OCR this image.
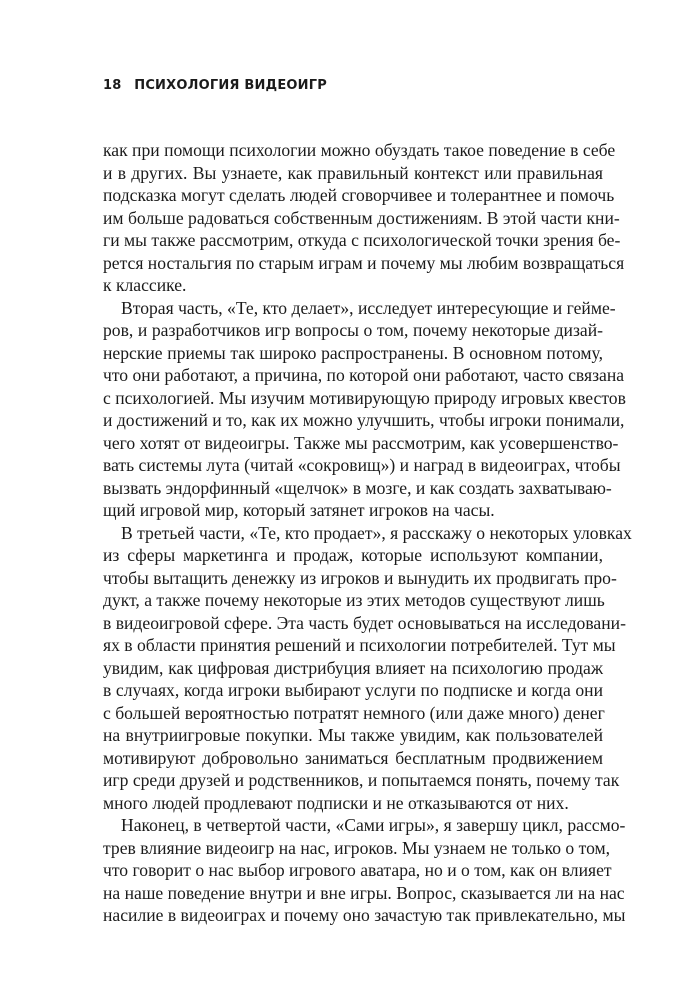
18 ПСИХОЛОГИЯ ВИДЕОИГР
как при помощи психологии можно обуздать такое поведение в себе
и в других. Вы узнаете, как правильный контекст или правильная
подсказка могут сделать людей сговорчивее и толерантнее и помочь
им больше радоваться собственным достижениям. В этой части кни-
ги мы также рассмотрим, откуда с психологической точки зрения бе-
рется ностальгия по старым играм и почему мы любим возвращаться
к классике.
Вторая часть, «Те, кто делает», исследует интересующие и геймe-
ров, и разработчиков игр вопросы о том, почему некоторые дизай-
нерские приемы так широко распространены. В основном потому,
что они работают, а причина, по которой они работают, часто связана
с психологией. Мы изучим мотивирующую природу игровых квестов
и достижений и то, как их можно улучшить, чтобы игроки понимали,
чего хотят от видеоигры. Также мы рассмотрим, как усовершенство-
вать системы лута (читай «сокровищ») и наград в видеоиграх, чтобы
вызвать эндорфинный «щелчок» в мозге, и как создать захватываю-
щий игровой мир, который затянет игроков на часы.
В третьей части, «Те, кто продает», я расскажу о некоторых уловках
из сферы маркетинга и продаж, которые используют компании,
чтобы вытащить денежку из игроков и вынудить их продвигать про-
дукт, а также почему некоторые из этих методов существуют лишь
в видеоигровой сфере. Эта часть будет основываться на исследовани-
ях в области принятия решений и психологии потребителей. Тут мы
увидим, как цифровая дистрибуция влияет на психологию продаж
в случаях, когда игроки выбирают услуги по подписке и когда они
с большей вероятностью потратят немного (или даже много) денег
на внутриигровые покупки. Мы также увидим, как пользователей
мотивируют добровольно заниматься бесплатным продвижением
игр среди друзей и родственников, и попытаемся понять, почему так
много людей продлевают подписки и не отказываются от них.
Наконец, в четвертой части, «Сами игры», я завершу цикл, рассмо-
трев влияние видеоигр на нас, игроков. Мы узнаем не только о том,
что говорит о нас выбор игрового аватара, но и о том, как он влияет
на наше поведение внутри и вне игры. Вопрос, сказывается ли на нас
насилие в видеоиграх и почему оно зачастую так привлекательно, мы
